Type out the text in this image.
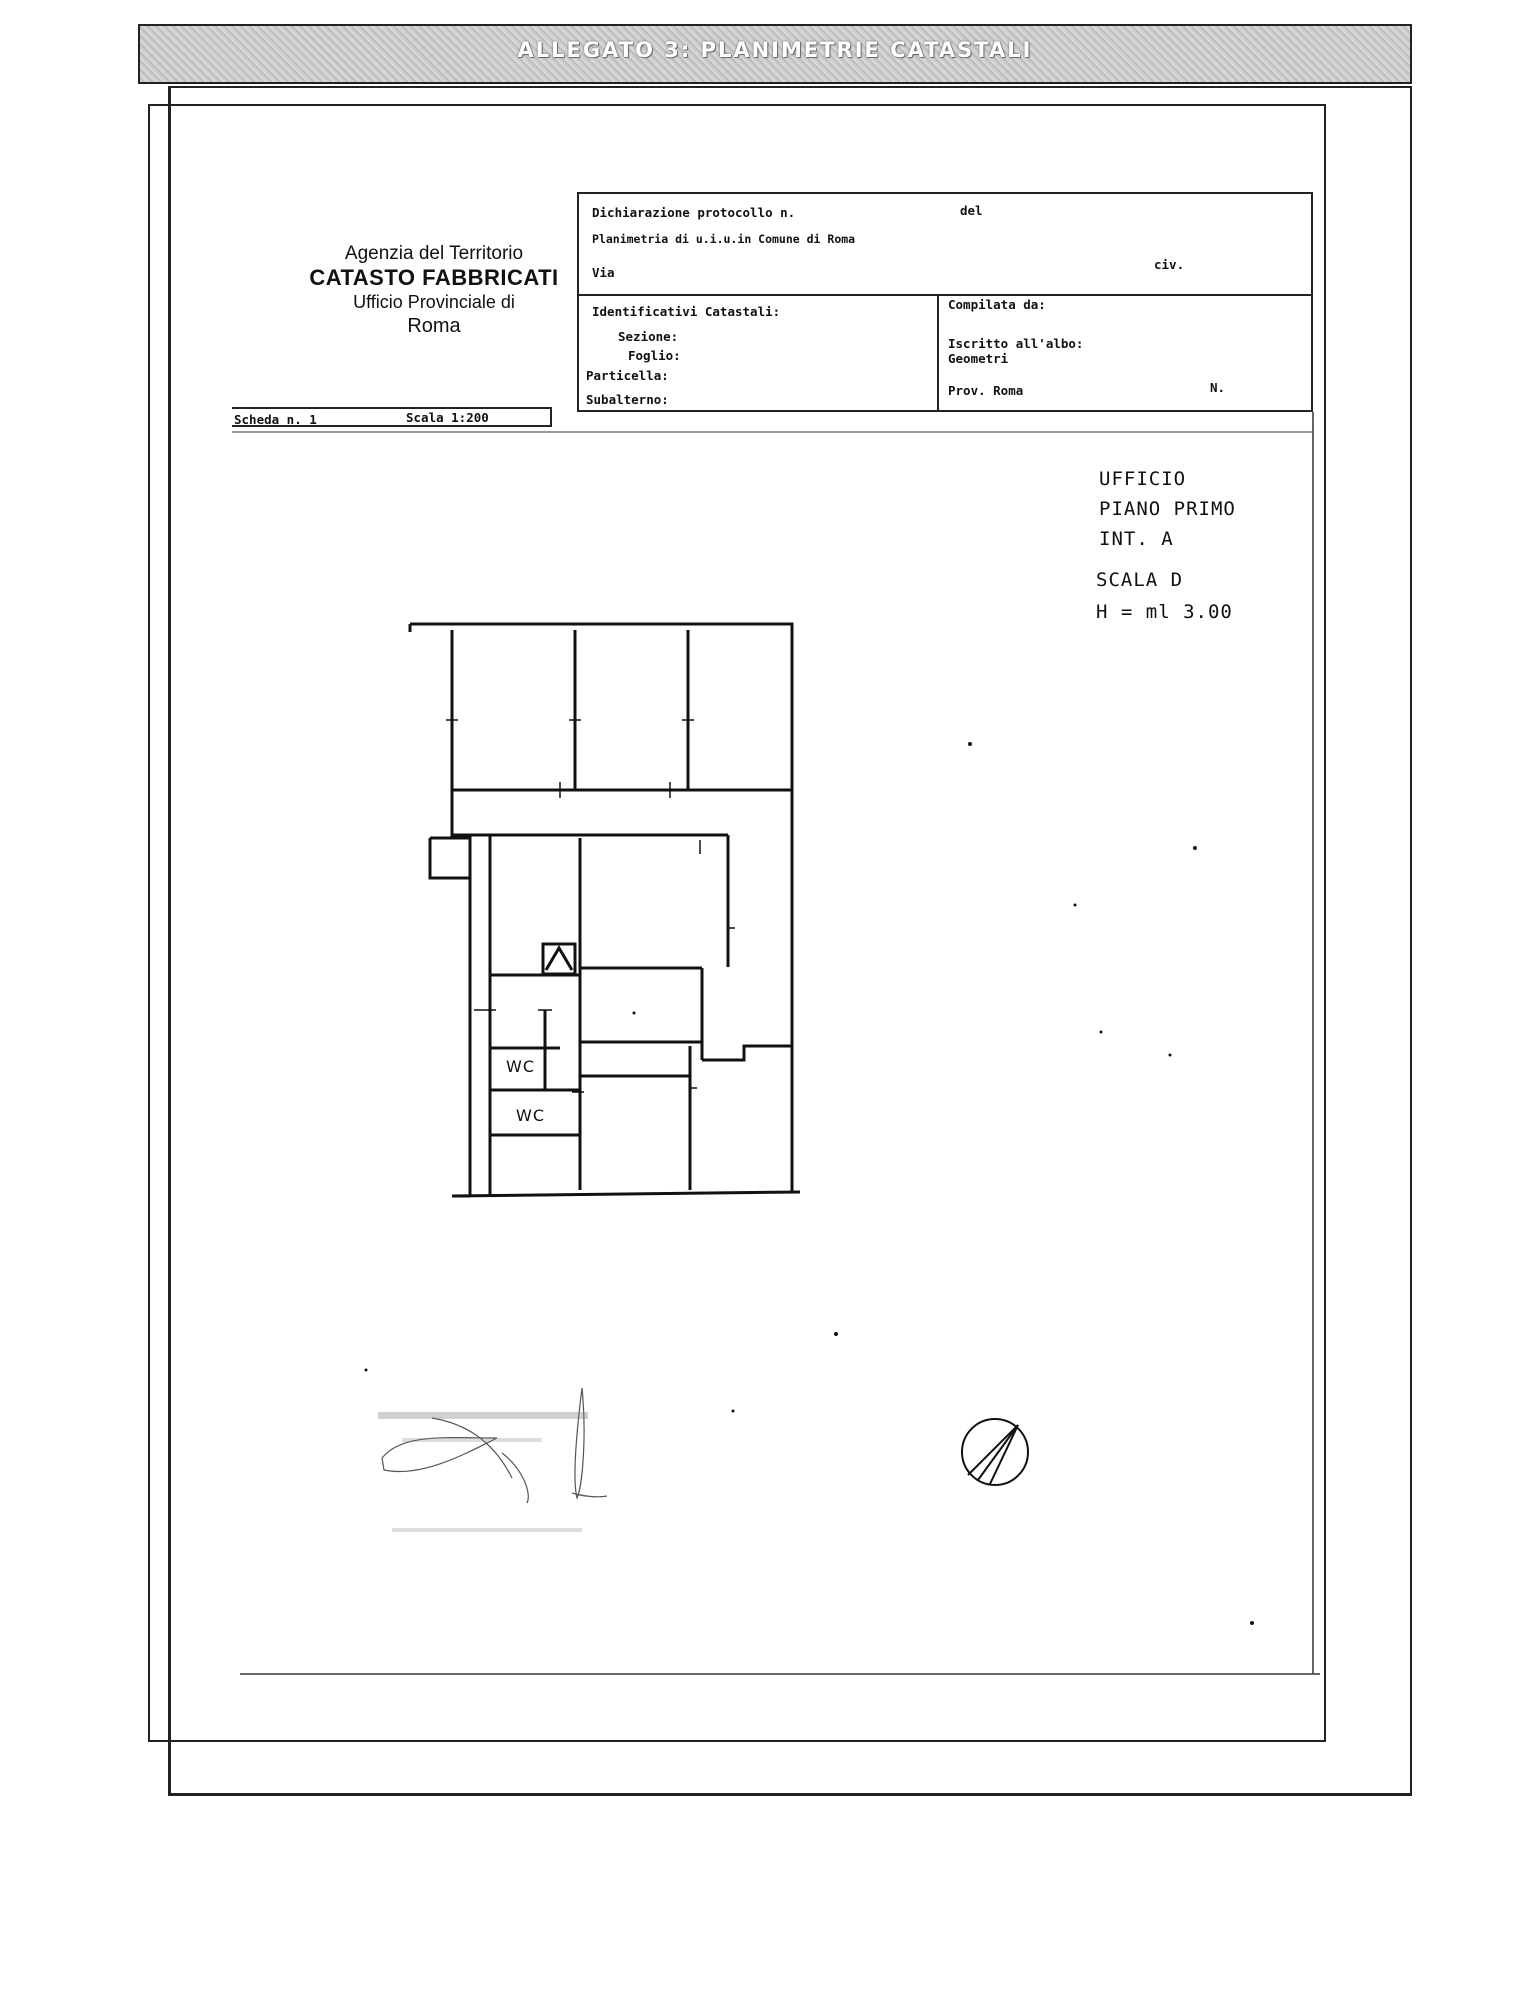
ALLEGATO 3: PLANIMETRIE CATASTALI
Agenzia del Territorio
CATASTO FABBRICATI
Ufficio Provinciale di
Roma
Dichiarazione protocollo n.	del
Planimetria di u.i.u.in Comune di Roma
Via
civ.
Identificativi Catastali:
Sezione:
Foglio:
Particella:
Subalterno:
Compilata da:
Iscritto all'albo:
Geometri
Prov. Roma	N.
Scheda n. 1	Scala 1:200
UFFICIO
PIANO PRIMO
INT. A
SCALA D
H = ml 3.00
WC
WC
